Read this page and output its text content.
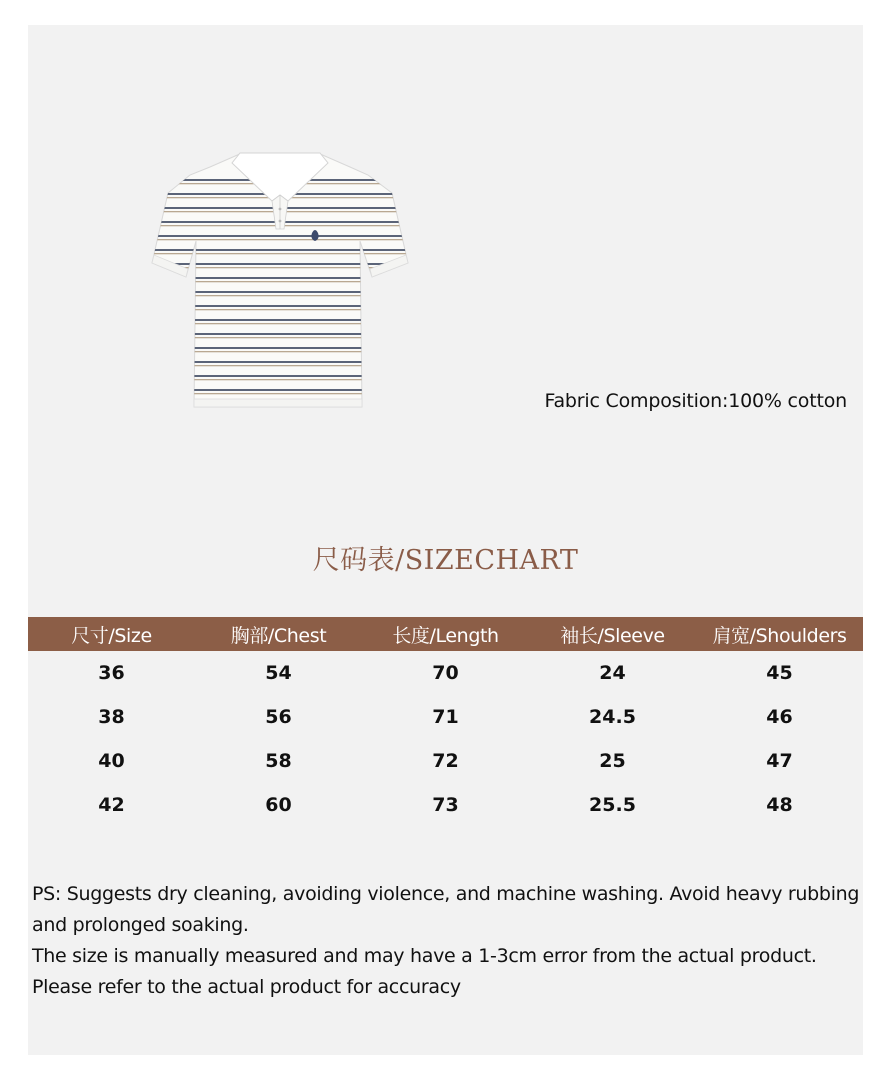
Fabric Composition:100% cotton
尺码表/SIZECHART
尺寸/Size	胸部/Chest	长度/Length	袖长/Sleeve	肩宽/Shoulders
36	54	70	24	45
38	56	71	24.5	46
40	58	72	25	47
42	60	73	25.5	48

PS: Suggests dry cleaning, avoiding violence, and machine washing. Avoid heavy rubbing and prolonged soaking.

The size is manually measured and may have a 1-3cm error from the actual product.

Please refer to the actual product for accuracy
